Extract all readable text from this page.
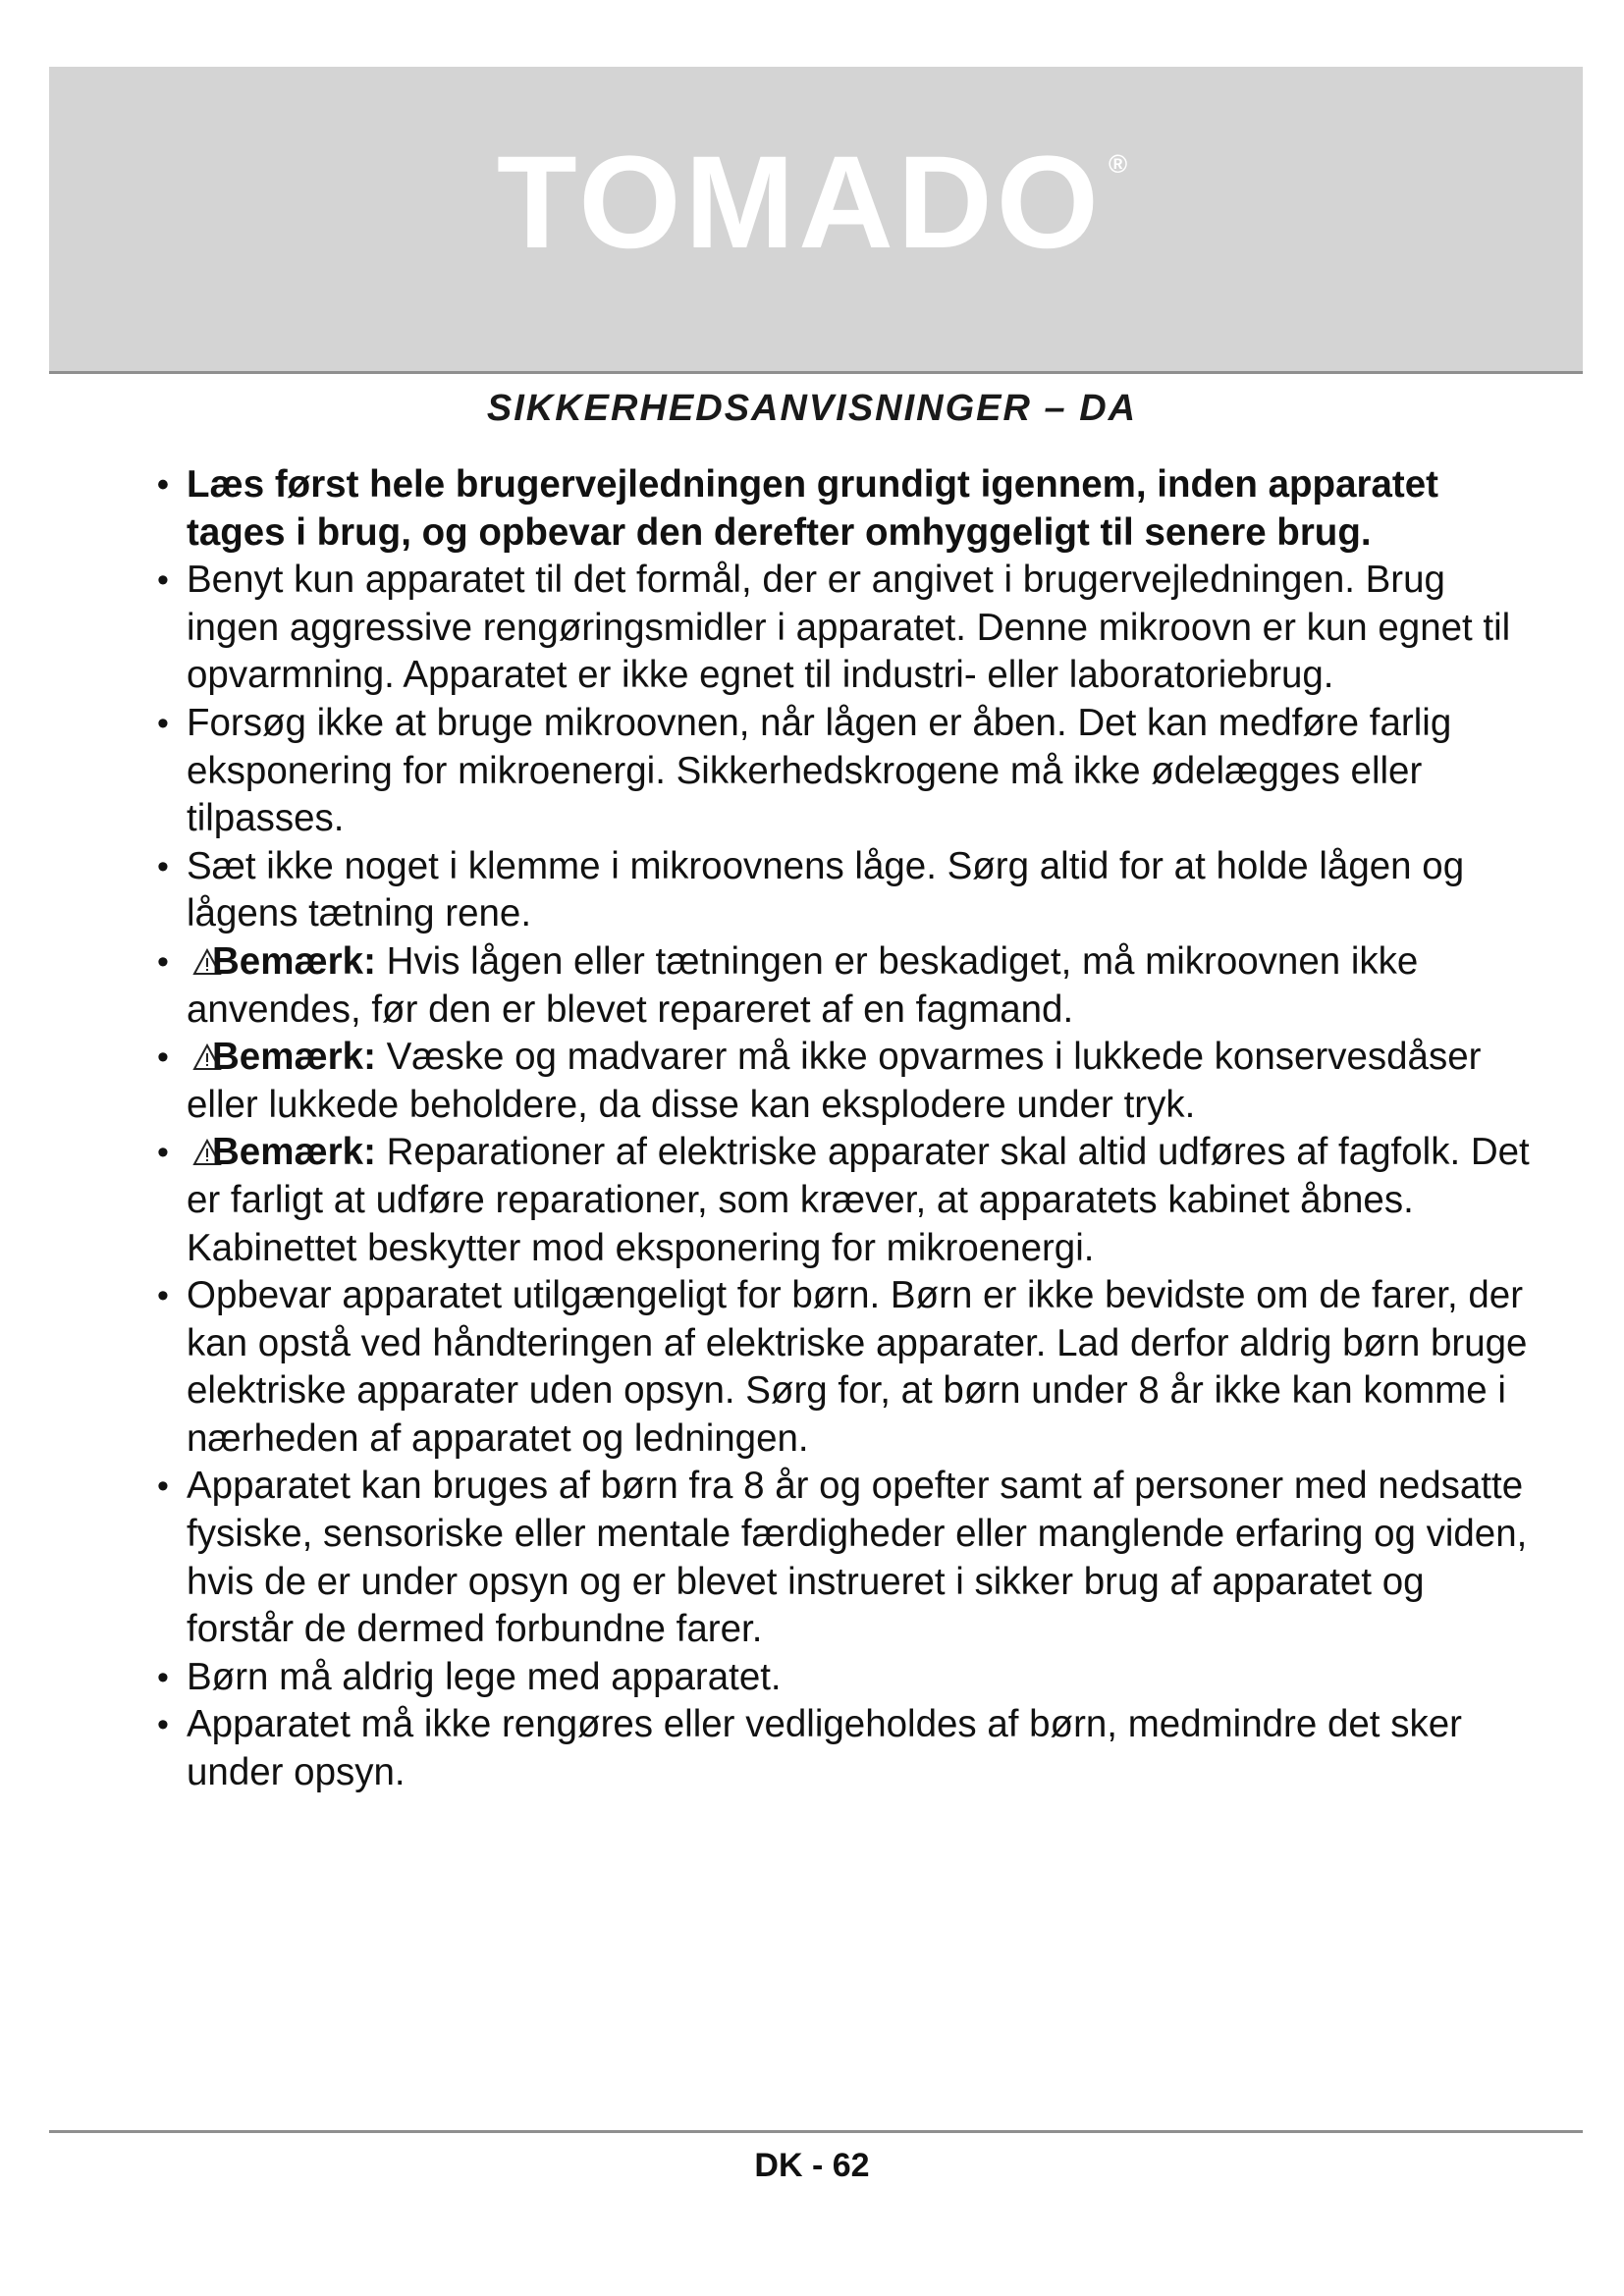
TOMADO ®
SIKKERHEDSANVISNINGER – DA
• Læs først hele brugervejledningen grundigt igennem, inden apparatet tages i brug, og opbevar den derefter omhyggeligt til senere brug.
• Benyt kun apparatet til det formål, der er angivet i brugervejledningen. Brug ingen aggressive rengøringsmidler i apparatet. Denne mikroovn er kun egnet til opvarmning. Apparatet er ikke egnet til industri- eller laboratoriebrug.
• Forsøg ikke at bruge mikroovnen, når lågen er åben. Det kan medføre farlig eksponering for mikroenergi. Sikkerhedskrogene må ikke ødelægges eller tilpasses.
• Sæt ikke noget i klemme i mikroovnens låge. Sørg altid for at holde lågen og lågens tætning rene.
• Bemærk: Hvis lågen eller tætningen er beskadiget, må mikroovnen ikke anvendes, før den er blevet repareret af en fagmand.
• Bemærk: Væske og madvarer må ikke opvarmes i lukkede konservesdåser eller lukkede beholdere, da disse kan eksplodere under tryk.
• Bemærk: Reparationer af elektriske apparater skal altid udføres af fagfolk. Det er farligt at udføre reparationer, som kræver, at apparatets kabinet åbnes. Kabinettet beskytter mod eksponering for mikroenergi.
• Opbevar apparatet utilgængeligt for børn. Børn er ikke bevidste om de farer, der kan opstå ved håndteringen af elektriske apparater. Lad derfor aldrig børn bruge elektriske apparater uden opsyn. Sørg for, at børn under 8 år ikke kan komme i nærheden af apparatet og ledningen.
• Apparatet kan bruges af børn fra 8 år og opefter samt af personer med nedsatte fysiske, sensoriske eller mentale færdigheder eller manglende erfaring og viden, hvis de er under opsyn og er blevet instrueret i sikker brug af apparatet og forstår de dermed forbundne farer.
• Børn må aldrig lege med apparatet.
• Apparatet må ikke rengøres eller vedligeholdes af børn, medmindre det sker under opsyn.
DK - 62
